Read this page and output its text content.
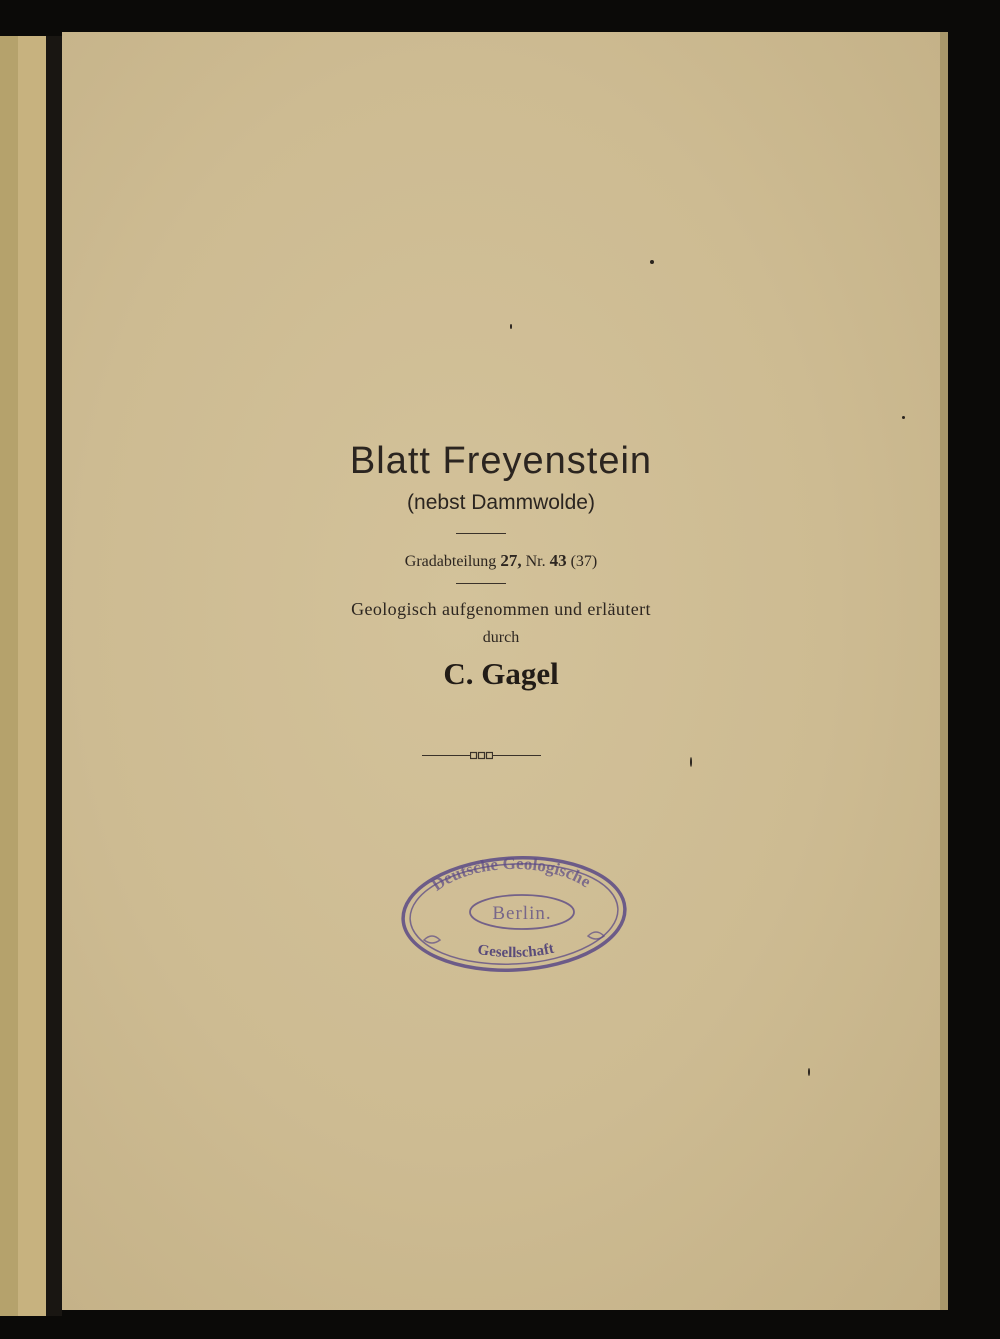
Blatt Freyenstein
(nebst Dammwolde)
Gradabteilung 27, Nr. 43 (37)
Geologisch aufgenommen und erläutert
durch
C. Gagel
Deutsche Geologische
Berlin.
Gesellschaft
